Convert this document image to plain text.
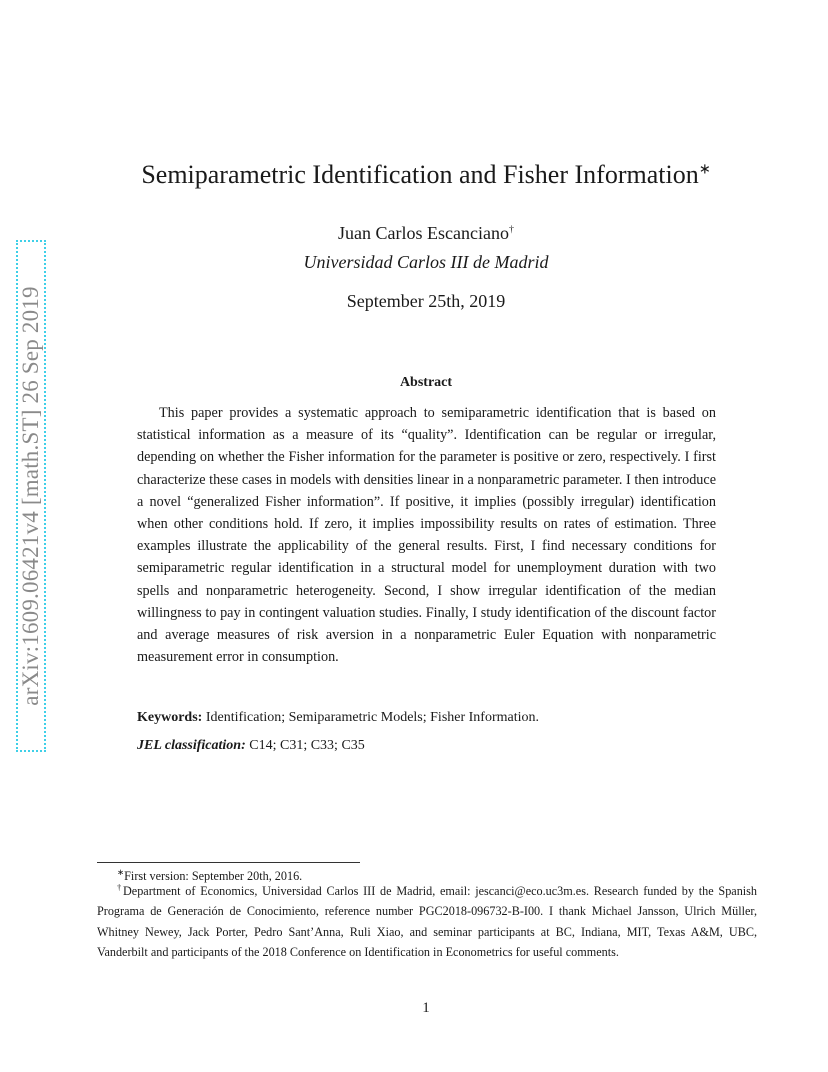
arXiv:1609.06421v4 [math.ST] 26 Sep 2019
Semiparametric Identification and Fisher Information∗
Juan Carlos Escanciano†
Universidad Carlos III de Madrid
September 25th, 2019
Abstract
This paper provides a systematic approach to semiparametric identification that is based on statistical information as a measure of its “quality”. Identification can be regular or irregular, depending on whether the Fisher information for the parameter is positive or zero, respectively. I first characterize these cases in models with densities linear in a nonparametric parameter. I then introduce a novel “generalized Fisher information”. If positive, it implies (possibly irregular) identification when other conditions hold. If zero, it implies impossibility results on rates of estimation. Three examples illustrate the applicability of the general results. First, I find necessary conditions for semiparametric regular identification in a structural model for unemployment duration with two spells and nonparametric heterogeneity. Second, I show irregular identification of the median willingness to pay in contingent valuation studies. Finally, I study identification of the discount factor and average measures of risk aversion in a nonparametric Euler Equation with nonparametric measurement error in consumption.
Keywords: Identification; Semiparametric Models; Fisher Information.
JEL classification: C14; C31; C33; C35
∗First version: September 20th, 2016.
†Department of Economics, Universidad Carlos III de Madrid, email: jescanci@eco.uc3m.es. Research funded by the Spanish Programa de Generación de Conocimiento, reference number PGC2018-096732-B-I00. I thank Michael Jansson, Ulrich Müller, Whitney Newey, Jack Porter, Pedro Sant’Anna, Ruli Xiao, and seminar participants at BC, Indiana, MIT, Texas A&M, UBC, Vanderbilt and participants of the 2018 Conference on Identification in Econometrics for useful comments.
1
